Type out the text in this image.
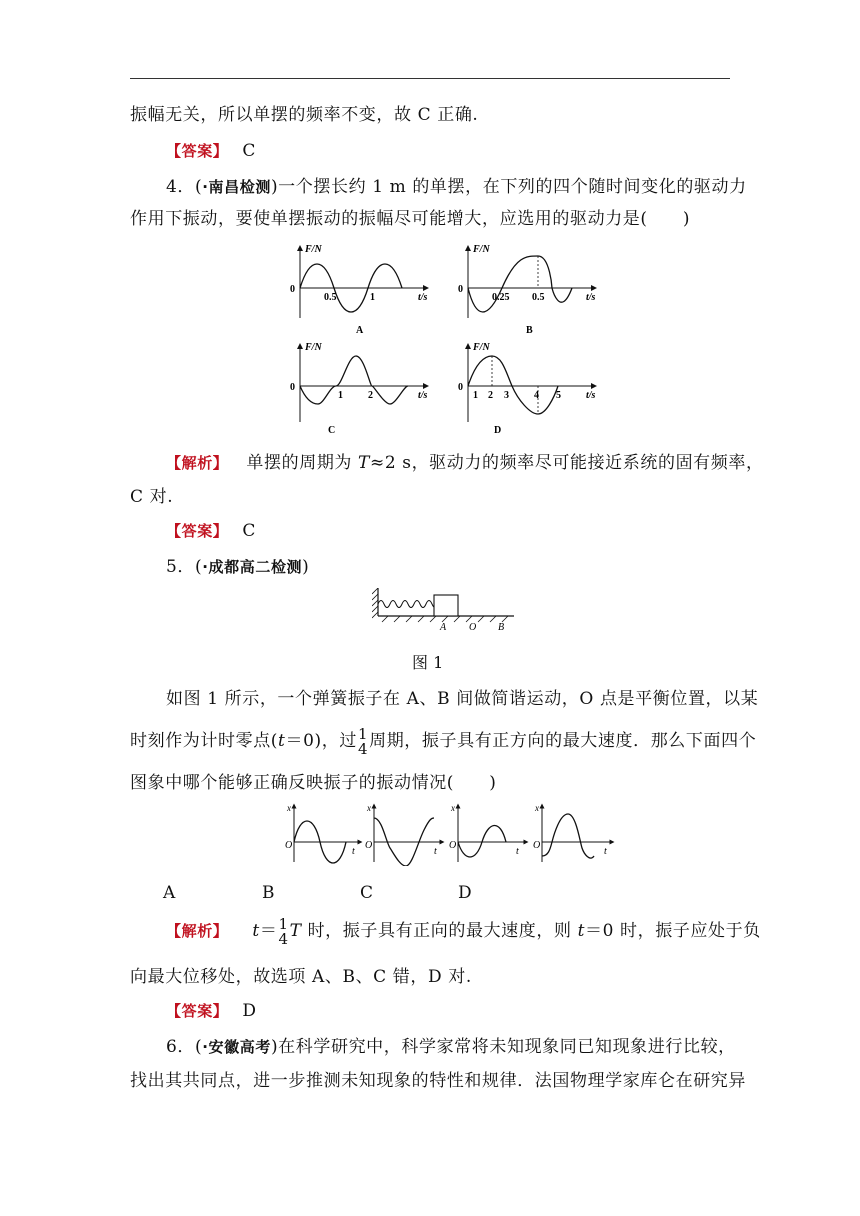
振幅无关，所以单摆的频率不变，故 C 正确.
【答案】 C
4．(·南昌检测)一个摆长约 1 m 的单摆，在下列的四个随时间变化的驱动力
作用下振动，要使单摆振动的振幅尽可能增大，应选用的驱动力是(　　)
F/N
0
0.5	1	t/s
A
F/N
0
0.25 0.5	t/s
B
F/N
0
1	2	t/s
C
F/N
0
1 2 3	4 5	t/s
D
【解析】 单摆的周期为 T≈2 s，驱动力的频率尽可能接近系统的固有频率，
C 对.
【答案】 C
5．(·成都高二检测)
A O B
图 1
如图 1 所示，一个弹簧振子在 A、B 间做简谐运动，O 点是平衡位置，以某
时刻作为计时零点(t＝0)，过 1
4 周期，振子具有正方向的最大速度．那么下面四个
图象中哪个能够正确反映振子的振动情况(　　)
x
O
t
x
O
t
x
O
t
x
O
t
A	B	C	D
【解析】 t＝ 1
4 T 时，振子具有正向的最大速度，则 t＝0 时，振子应处于负
向最大位移处，故选项 A、B、C 错，D 对.
【答案】 D
6．(·安徽高考)在科学研究中，科学家常将未知现象同已知现象进行比较，
找出其共同点，进一步推测未知现象的特性和规律．法国物理学家库仑在研究异
